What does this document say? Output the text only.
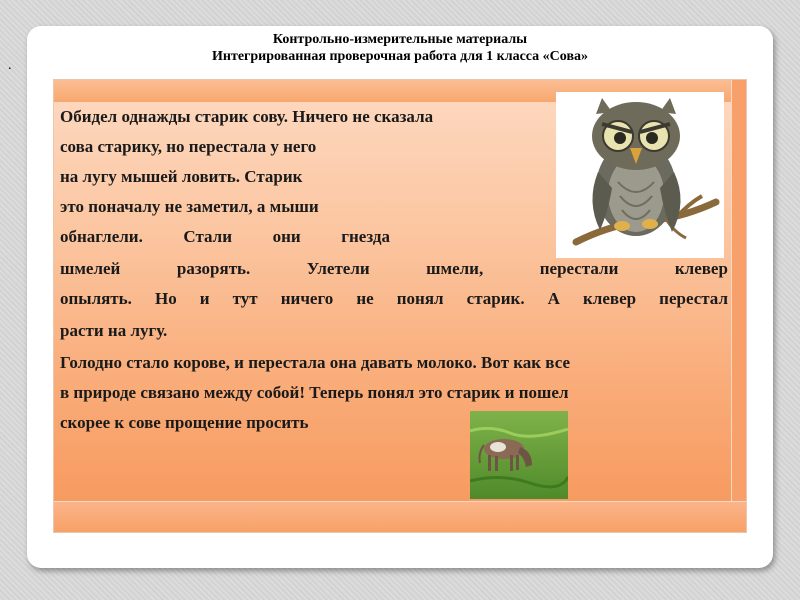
.
Контрольно-измерительные материалы
Интегрированная проверочная работа для 1 класса «Сова»
Обидел однажды старик сову. Ничего не сказала
сова старику, но перестала у него
на лугу мышей ловить. Старик
это поначалу не заметил, а мыши
обнаглели. Стали они гнезда
шмелей	разорять.	Улетели	шмели,	перестали	клевер
опылять. Но и тут ничего не понял старик. А клевер перестал
расти на лугу.
Голодно стало корове, и перестала она давать молоко. Вот как все
в природе связано между собой! Теперь понял это старик и пошел
скорее к сове прощение просить
